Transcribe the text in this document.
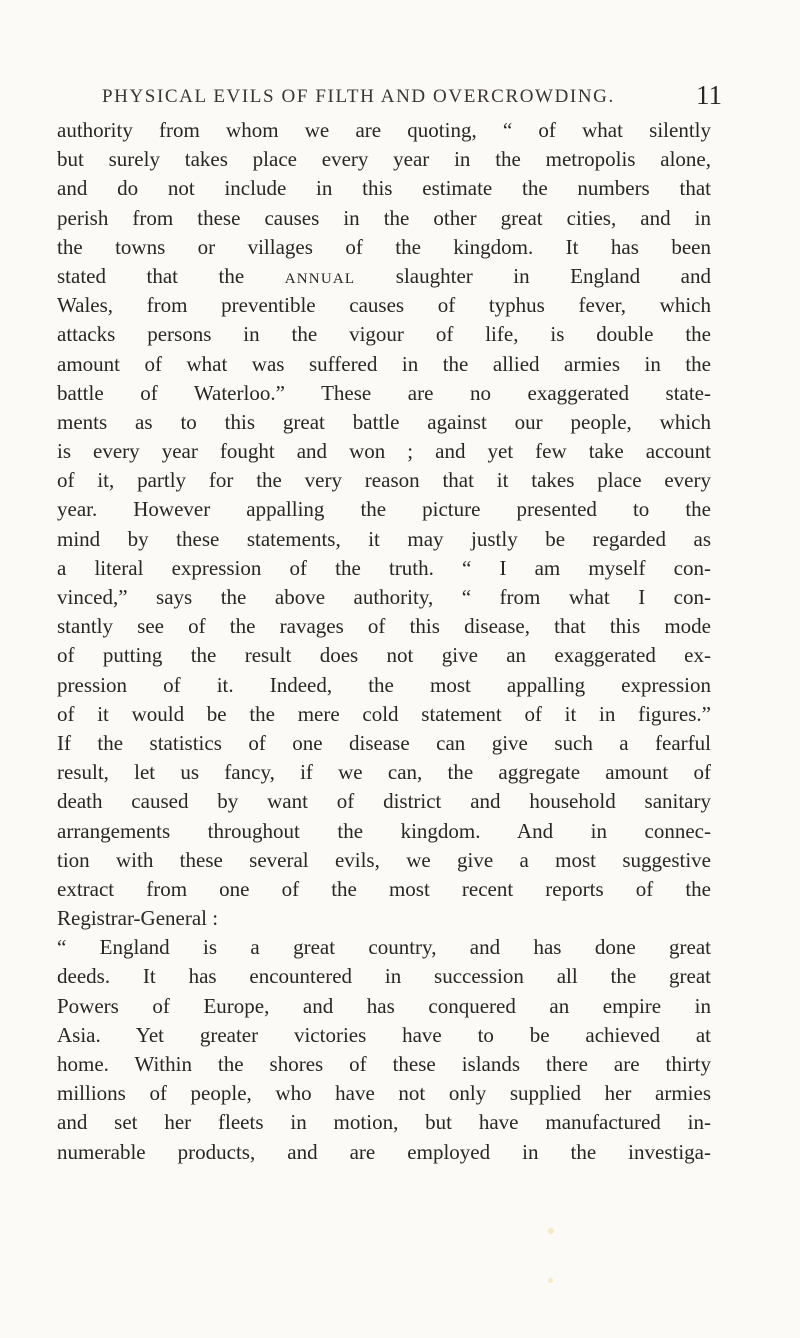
PHYSICAL EVILS OF FILTH AND OVERCROWDING.	11
authority from whom we are quoting, “ of what silently
but surely takes place every year in the metropolis alone,
and do not include in this estimate the numbers that
perish from these causes in the other great cities, and in
the towns or villages of the kingdom. It has been
stated that the ANNUAL slaughter in England and
Wales, from preventible causes of typhus fever, which
attacks persons in the vigour of life, is double the
amount of what was suffered in the allied armies in the
battle of Waterloo.” These are no exaggerated state-
ments as to this great battle against our people, which
is every year fought and won ; and yet few take account
of it, partly for the very reason that it takes place every
year. However appalling the picture presented to the
mind by these statements, it may justly be regarded as
a literal expression of the truth. “ I am myself con-
vinced,” says the above authority, “ from what I con-
stantly see of the ravages of this disease, that this mode
of putting the result does not give an exaggerated ex-
pression of it. Indeed, the most appalling expression
of it would be the mere cold statement of it in figures.”
If the statistics of one disease can give such a fearful
result, let us fancy, if we can, the aggregate amount of
death caused by want of district and household sanitary
arrangements throughout the kingdom. And in connec-
tion with these several evils, we give a most suggestive
extract from one of the most recent reports of the
Registrar-General :
“ England is a great country, and has done great
deeds. It has encountered in succession all the great
Powers of Europe, and has conquered an empire in
Asia. Yet greater victories have to be achieved at
home. Within the shores of these islands there are thirty
millions of people, who have not only supplied her armies
and set her fleets in motion, but have manufactured in-
numerable products, and are employed in the investiga-
